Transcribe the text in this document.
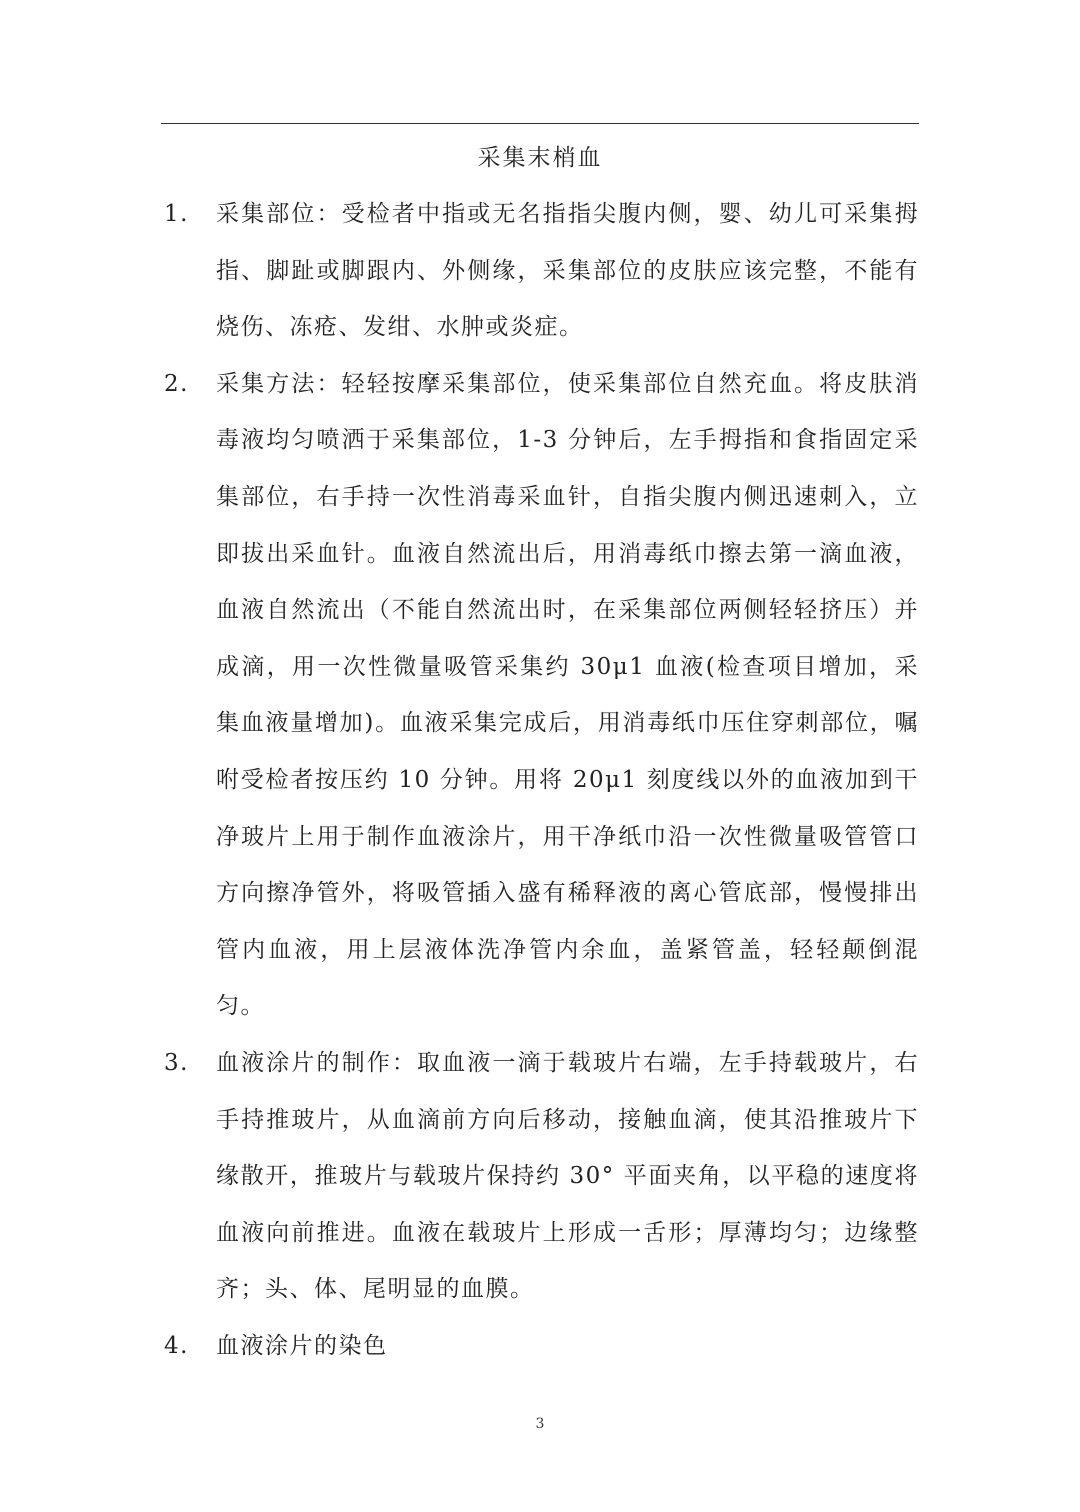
采集末梢血
1.	采集部位：受检者中指或无名指指尖腹内侧，婴、幼儿可采集拇指、脚趾或脚跟内、外侧缘，采集部位的皮肤应该完整，不能有烧伤、冻疮、发绀、水肿或炎症。
2.	采集方法：轻轻按摩采集部位，使采集部位自然充血。将皮肤消毒液均匀喷洒于采集部位，1-3 分钟后，左手拇指和食指固定采集部位，右手持一次性消毒采血针，自指尖腹内侧迅速刺入，立即拔出采血针。血液自然流出后，用消毒纸巾擦去第一滴血液，血液自然流出（不能自然流出时，在采集部位两侧轻轻挤压）并成滴，用一次性微量吸管采集约 30μ1 血液(检查项目增加，采集血液量增加)。血液采集完成后，用消毒纸巾压住穿刺部位，嘱咐受检者按压约 10 分钟。用将 20μ1 刻度线以外的血液加到干净玻片上用于制作血液涂片，用干净纸巾沿一次性微量吸管管口方向擦净管外，将吸管插入盛有稀释液的离心管底部，慢慢排出管内血液，用上层液体洗净管内余血，盖紧管盖，轻轻颠倒混匀。
3.	血液涂片的制作：取血液一滴于载玻片右端，左手持载玻片，右手持推玻片，从血滴前方向后移动，接触血滴，使其沿推玻片下缘散开，推玻片与载玻片保持约 30° 平面夹角，以平稳的速度将血液向前推进。血液在载玻片上形成一舌形；厚薄均匀；边缘整齐；头、体、尾明显的血膜。
4.	血液涂片的染色
3
